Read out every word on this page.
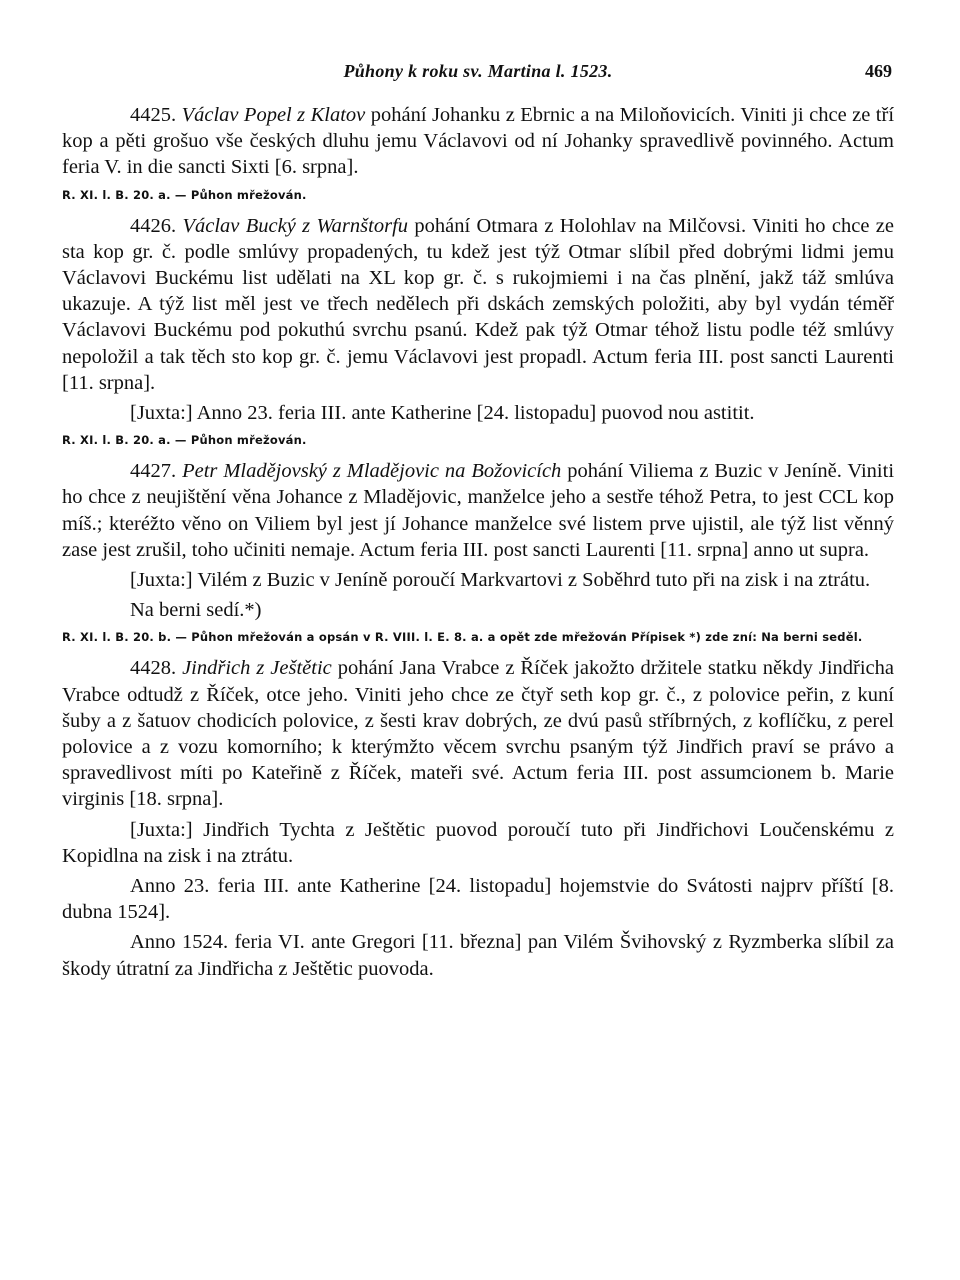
Půhony k roku sv. Martina l. 1523.	469

4425. Václav Popel z Klatov pohání Johanku z Ebrnic a na Miloňovicích. Viniti ji chce ze tří kop a pěti grošuo vše českých dluhu jemu Václavovi od ní Johanky spravedlivě povinného. Actum feria V. in die sancti Sixti [6. srpna].

R. XI. l. B. 20. a. — Půhon mřežován.

4426. Václav Bucký z Warnštorfu pohání Otmara z Holohlav na Milčovsi. Viniti ho chce ze sta kop gr. č. podle smlúvy propadených, tu kdež jest týž Otmar slíbil před dobrými lidmi jemu Václavovi Buckému list udělati na XL kop gr. č. s rukojmiemi i na čas plnění, jakž táž smlúva ukazuje. A týž list měl jest ve třech nedělech při dskách zemských položiti, aby byl vydán téměř Václavovi Buckému pod pokuthú svrchu psanú. Kdež pak týž Otmar téhož listu podle též smlúvy nepoložil a tak těch sto kop gr. č. jemu Václavovi jest propadl. Actum feria III. post sancti Laurenti [11. srpna].

[Juxta:] Anno 23. feria III. ante Katherine [24. listopadu] puovod nou astitit.

R. XI. l. B. 20. a. — Půhon mřežován.

4427. Petr Mladějovský z Mladějovic na Božovicích pohání Viliema z Buzic v Jeníně. Viniti ho chce z neujištění věna Johance z Mladějovic, manželce jeho a sestře téhož Petra, to jest CCL kop míš.; kteréžto věno on Viliem byl jest jí Johance manželce své listem prve ujistil, ale týž list věnný zase jest zrušil, toho učiniti nemaje. Actum feria III. post sancti Laurenti [11. srpna] anno ut supra.

[Juxta:] Vilém z Buzic v Jeníně poroučí Markvartovi z Soběhrd tuto při na zisk i na ztrátu.

Na berni sedí.*)

R. XI. l. B. 20. b. — Půhon mřežován a opsán v R. VIII. l. E. 8. a. a opět zde mřežován Přípisek *) zde zní: Na berni seděl.

4428. Jindřich z Ještětic pohání Jana Vrabce z Říček jakožto držitele statku někdy Jindřicha Vrabce odtudž z Říček, otce jeho. Viniti jeho chce ze čtyř seth kop gr. č., z polovice peřin, z kuní šuby a z šatuov chodicích polovice, z šesti krav dobrých, ze dvú pasů stříbrných, z koflíčku, z perel polovice a z vozu komorního; k kterýmžto věcem svrchu psaným týž Jindřich praví se právo a spravedlivost míti po Kateřině z Říček, mateři své. Actum feria III. post assumcionem b. Marie virginis [18. srpna].

[Juxta:] Jindřich Tychta z Ještětic puovod poroučí tuto při Jindřichovi Loučenskému z Kopidlna na zisk i na ztrátu.

Anno 23. feria III. ante Katherine [24. listopadu] hojemstvie do Svátosti najprv příští [8. dubna 1524].

Anno 1524. feria VI. ante Gregori [11. března] pan Vilém Švihovský z Ryzmberka slíbil za škody útratní za Jindřicha z Ještětic puovoda.
